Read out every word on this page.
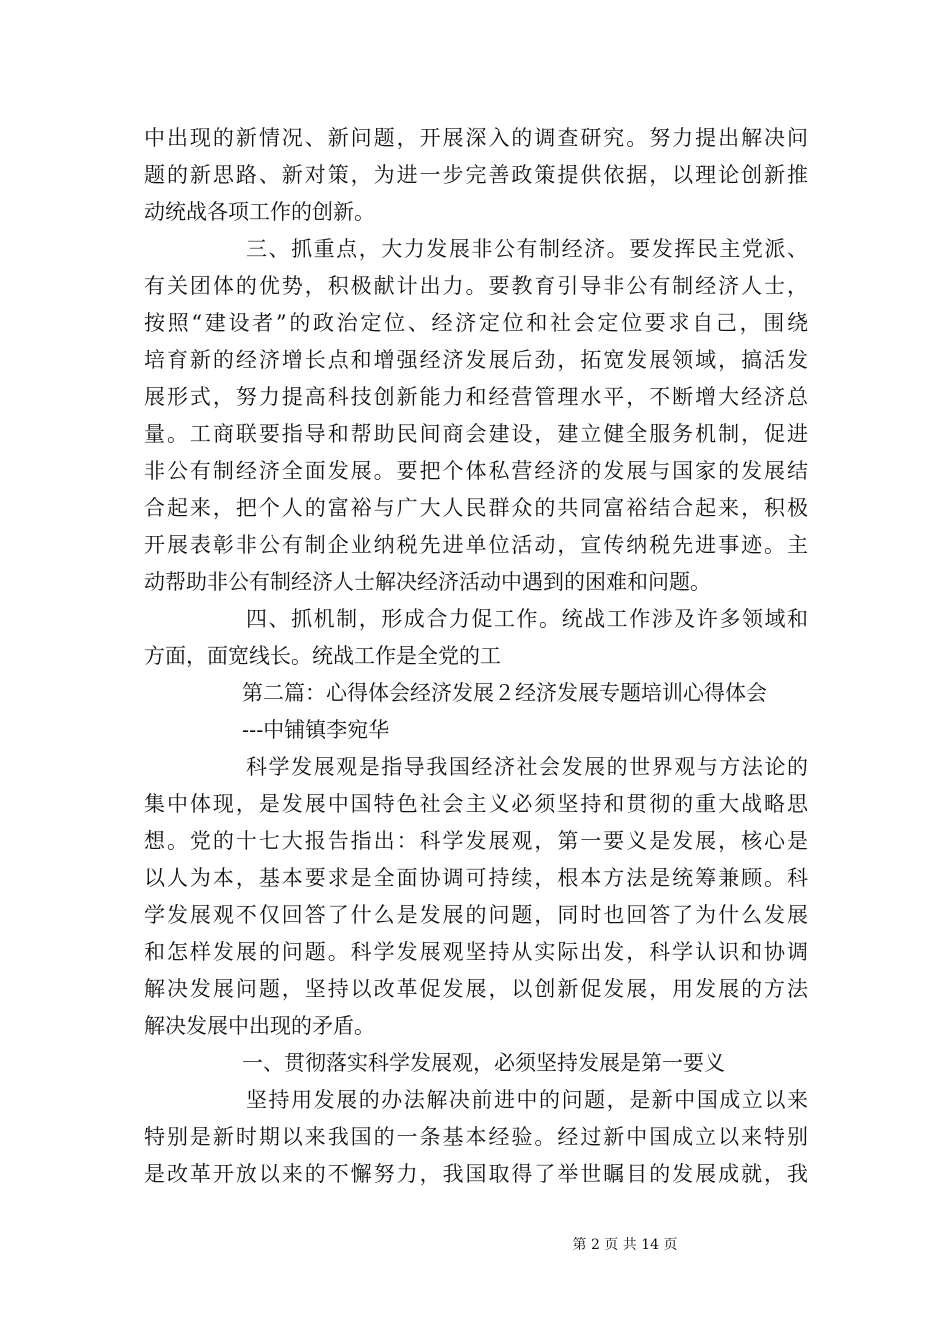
中出现的新情况、新问题，开展深入的调查研究。努力提出解决问
题的新思路、新对策，为进一步完善政策提供依据，以理论创新推
动统战各项工作的创新。
三、抓重点，大力发展非公有制经济。要发挥民主党派、
有关团体的优势，积极献计出力。要教育引导非公有制经济人士，
按照“建设者”的政治定位、经济定位和社会定位要求自己，围绕
培育新的经济增长点和增强经济发展后劲，拓宽发展领域，搞活发
展形式，努力提高科技创新能力和经营管理水平，不断增大经济总
量。工商联要指导和帮助民间商会建设，建立健全服务机制，促进
非公有制经济全面发展。要把个体私营经济的发展与国家的发展结
合起来，把个人的富裕与广大人民群众的共同富裕结合起来，积极
开展表彰非公有制企业纳税先进单位活动，宣传纳税先进事迹。主
动帮助非公有制经济人士解决经济活动中遇到的困难和问题。
四、抓机制，形成合力促工作。统战工作涉及许多领域和
方面，面宽线长。统战工作是全党的工
第二篇：心得体会经济发展２经济发展专题培训心得体会
---中铺镇李宛华
科学发展观是指导我国经济社会发展的世界观与方法论的
集中体现，是发展中国特色社会主义必须坚持和贯彻的重大战略思
想。党的十七大报告指出：科学发展观，第一要义是发展，核心是
以人为本，基本要求是全面协调可持续，根本方法是统筹兼顾。科
学发展观不仅回答了什么是发展的问题，同时也回答了为什么发展
和怎样发展的问题。科学发展观坚持从实际出发，科学认识和协调
解决发展问题，坚持以改革促发展，以创新促发展，用发展的方法
解决发展中出现的矛盾。
一、贯彻落实科学发展观，必须坚持发展是第一要义
坚持用发展的办法解决前进中的问题，是新中国成立以来
特别是新时期以来我国的一条基本经验。经过新中国成立以来特别
是改革开放以来的不懈努力，我国取得了举世瞩目的发展成就，我
第 2 页 共 14 页
